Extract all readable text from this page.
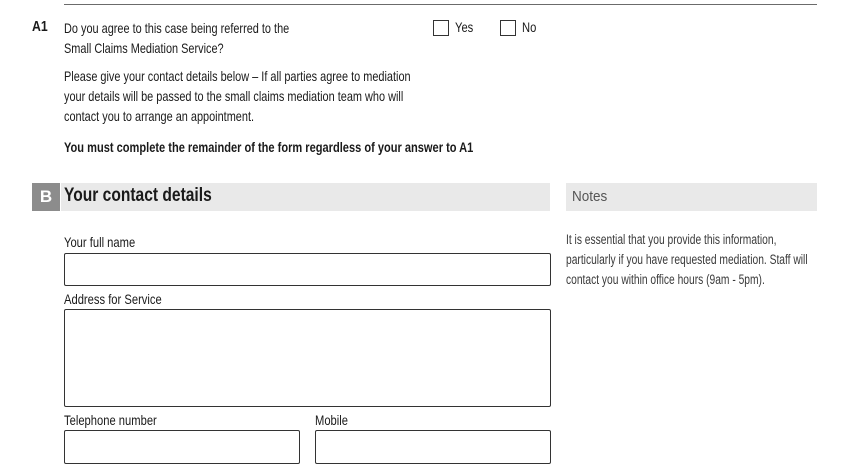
A1 Do you agree to this case being referred to the
Small Claims Mediation Service?
Yes	No
Please give your contact details below – If all parties agree to mediation
your details will be passed to the small claims mediation team who will
contact you to arrange an appointment.
You must complete the remainder of the form regardless of your answer to A1
B Your contact details	Notes
It is essential that you provide this information,
particularly if you have requested mediation. Staff will
contact you within office hours (9am - 5pm).
Your full name
Address for Service
Telephone number	Mobile
